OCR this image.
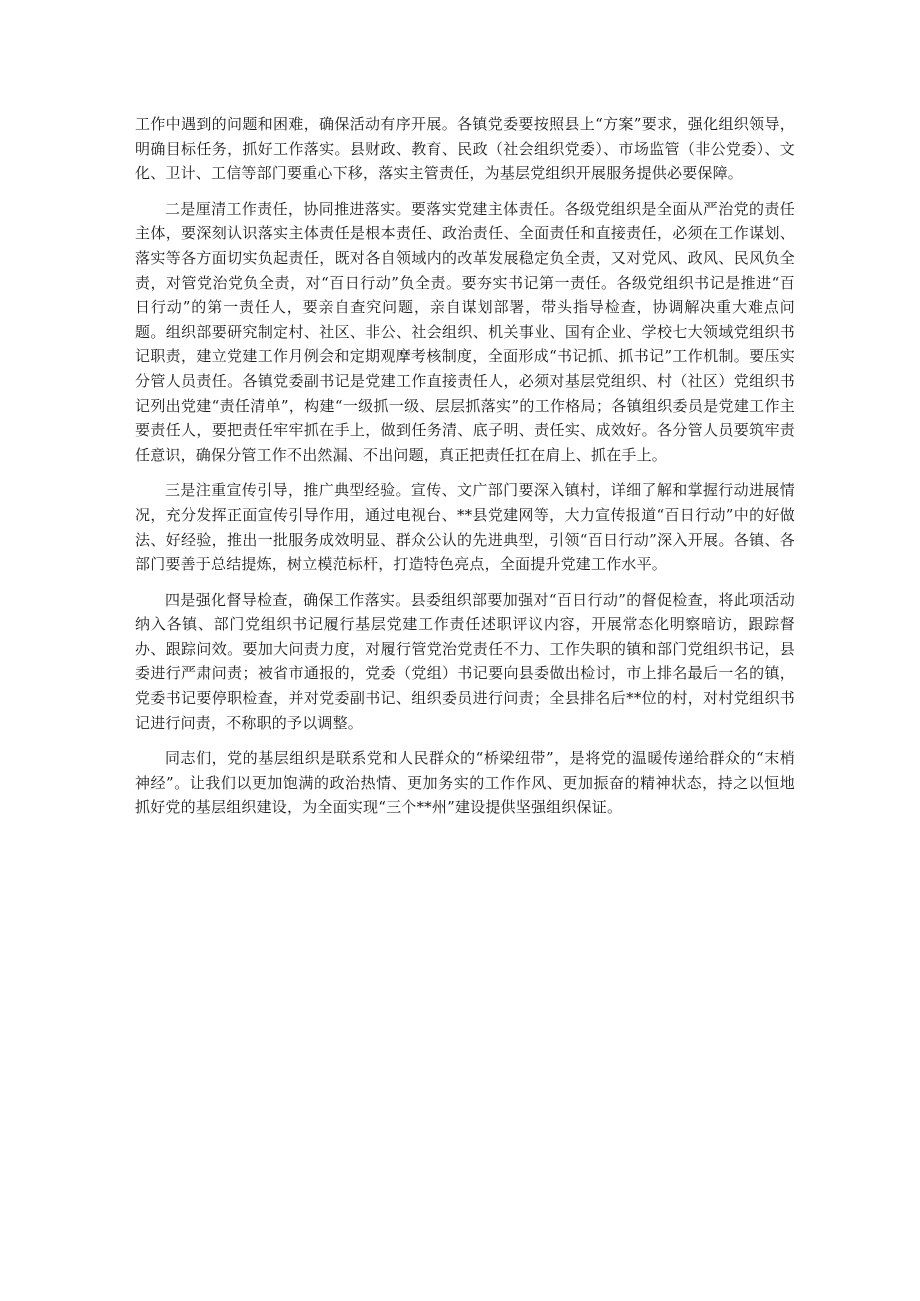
工作中遇到的问题和困难，确保活动有序开展。各镇党委要按照县上“方案”要求，强化组织领导，明确目标任务，抓好工作落实。县财政、教育、民政（社会组织党委）、市场监管（非公党委）、文化、卫计、工信等部门要重心下移，落实主管责任，为基层党组织开展服务提供必要保障。

二是厘清工作责任，协同推进落实。要落实党建主体责任。各级党组织是全面从严治党的责任主体，要深刻认识落实主体责任是根本责任、政治责任、全面责任和直接责任，必须在工作谋划、落实等各方面切实负起责任，既对各自领域内的改革发展稳定负全责，又对党风、政风、民风负全责，对管党治党负全责，对“百日行动”负全责。要夯实书记第一责任。各级党组织书记是推进“百日行动”的第一责任人，要亲自查究问题，亲自谋划部署，带头指导检查，协调解决重大难点问题。组织部要研究制定村、社区、非公、社会组织、机关事业、国有企业、学校七大领域党组织书记职责，建立党建工作月例会和定期观摩考核制度，全面形成“书记抓、抓书记”工作机制。要压实分管人员责任。各镇党委副书记是党建工作直接责任人，必须对基层党组织、村（社区）党组织书记列出党建“责任清单”，构建“一级抓一级、层层抓落实”的工作格局；各镇组织委员是党建工作主要责任人，要把责任牢牢抓在手上，做到任务清、底子明、责任实、成效好。各分管人员要筑牢责任意识，确保分管工作不出然漏、不出问题，真正把责任扛在肩上、抓在手上。

三是注重宣传引导，推广典型经验。宣传、文广部门要深入镇村，详细了解和掌握行动进展情况，充分发挥正面宣传引导作用，通过电视台、**县党建网等，大力宣传报道“百日行动”中的好做法、好经验，推出一批服务成效明显、群众公认的先进典型，引领“百日行动”深入开展。各镇、各部门要善于总结提炼，树立模范标杆，打造特色亮点，全面提升党建工作水平。

四是强化督导检查，确保工作落实。县委组织部要加强对“百日行动”的督促检查，将此项活动纳入各镇、部门党组织书记履行基层党建工作责任述职评议内容，开展常态化明察暗访，跟踪督办、跟踪问效。要加大问责力度，对履行管党治党责任不力、工作失职的镇和部门党组织书记，县委进行严肃问责；被省市通报的，党委（党组）书记要向县委做出检讨，市上排名最后一名的镇，党委书记要停职检查，并对党委副书记、组织委员进行问责；全县排名后**位的村，对村党组织书记进行问责，不称职的予以调整。

同志们，党的基层组织是联系党和人民群众的“桥梁纽带”，是将党的温暖传递给群众的“末梢神经”。让我们以更加饱满的政治热情、更加务实的工作作风、更加振奋的精神状态，持之以恒地抓好党的基层组织建设，为全面实现“三个**州”建设提供坚强组织保证。
